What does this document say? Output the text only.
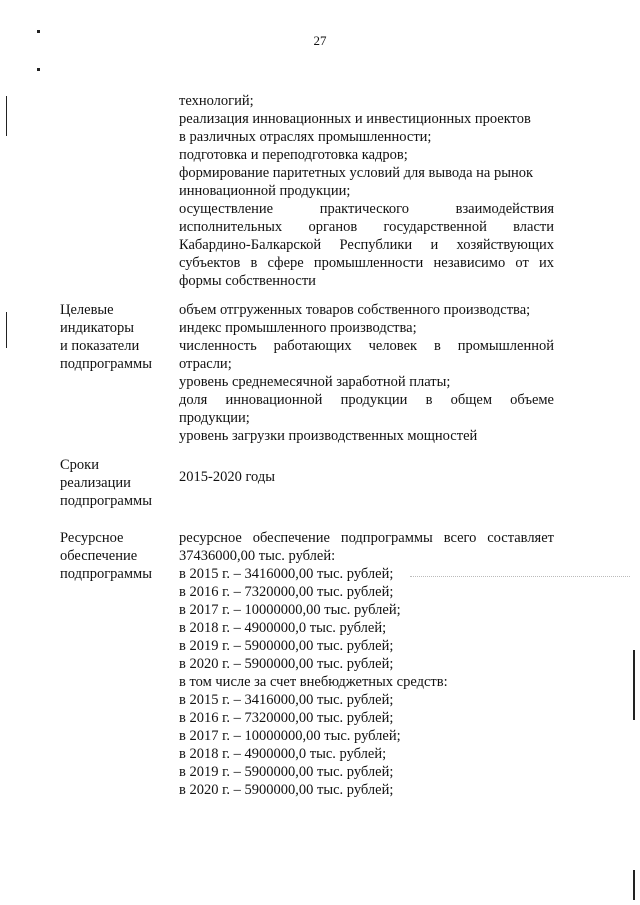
27
технологий;
реализация инновационных и инвестиционных проектов
в различных отраслях промышленности;
подготовка и переподготовка кадров;
формирование паритетных условий для вывода на рынок
инновационной продукции;
осуществление практического взаимодействия
исполнительных органов государственной власти
Кабардино-Балкарской Республики и хозяйствующих
субъектов в сфере промышленности независимо от их
формы собственности
Целевые
индикаторы
и показатели
подпрограммы
объем отгруженных товаров собственного производства;
индекс промышленного производства;
численность работающих человек в промышленной
отрасли;
уровень среднемесячной заработной платы;
доля инновационной продукции в общем объеме
продукции;
уровень загрузки производственных мощностей
Сроки
реализации
подпрограммы
2015-2020 годы
Ресурсное
обеспечение
подпрограммы
ресурсное обеспечение подпрограммы всего составляет
37436000,00 тыс. рублей:
в 2015 г. – 3416000,00 тыс. рублей;
в 2016 г. – 7320000,00 тыс. рублей;
в 2017 г. – 10000000,00 тыс. рублей;
в 2018 г. – 4900000,0 тыс. рублей;
в 2019 г. – 5900000,00 тыс. рублей;
в 2020 г. – 5900000,00 тыс. рублей;
в том числе за счет внебюджетных средств:
в 2015 г. – 3416000,00 тыс. рублей;
в 2016 г. – 7320000,00 тыс. рублей;
в 2017 г. – 10000000,00 тыс. рублей;
в 2018 г. – 4900000,0 тыс. рублей;
в 2019 г. – 5900000,00 тыс. рублей;
в 2020 г. – 5900000,00 тыс. рублей;
